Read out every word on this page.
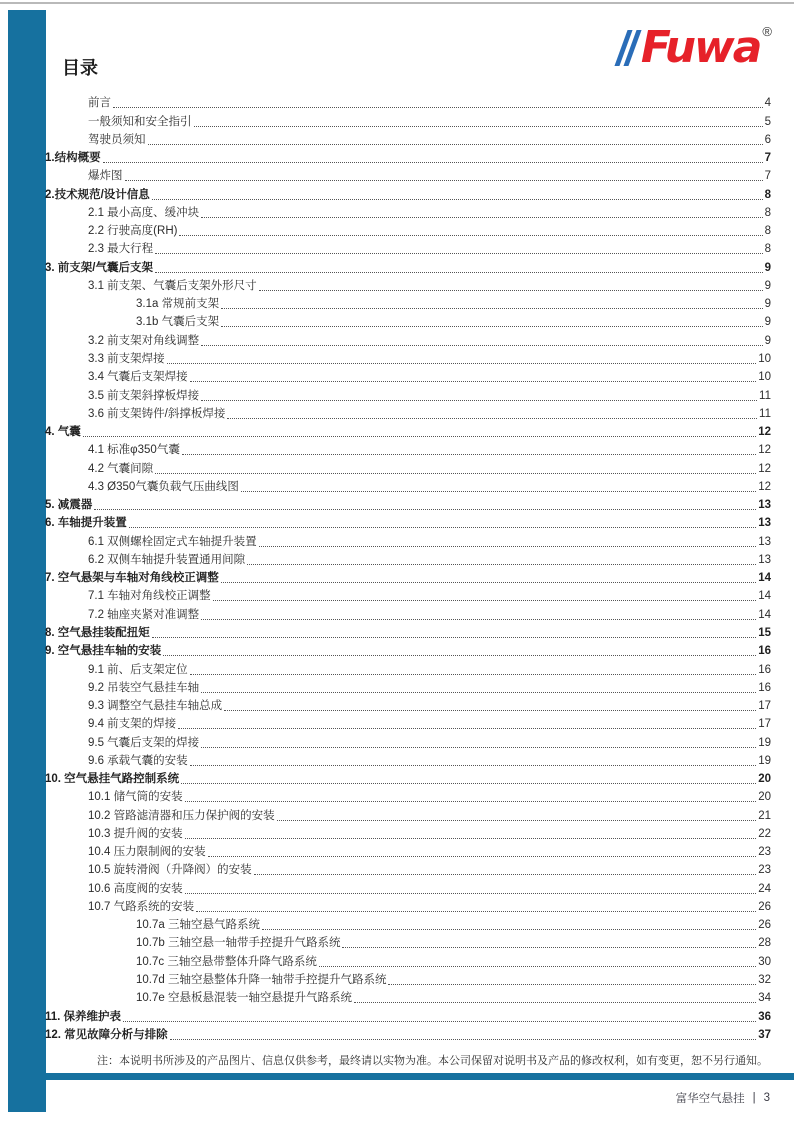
Fuwa ®
目录
前言	4
一般须知和安全指引	5
驾驶员须知	6
1.结构概要	7
爆炸图	7
2.技术规范/设计信息	8
2.1 最小高度、缓冲块	8
2.2 行驶高度(RH)	8
2.3 最大行程	8
3. 前支架/气囊后支架	9
3.1 前支架、气囊后支架外形尺寸	9
3.1a 常规前支架	9
3.1b 气囊后支架	9
3.2 前支架对角线调整	9
3.3 前支架焊接	10
3.4 气囊后支架焊接	10
3.5 前支架斜撑板焊接	11
3.6 前支架铸件/斜撑板焊接	11
4. 气囊	12
4.1 标准φ350气囊	12
4.2 气囊间隙	12
4.3 Ø350气囊负载气压曲线图	12
5. 减震器	13
6. 车轴提升装置	13
6.1 双侧螺栓固定式车轴提升装置	13
6.2 双侧车轴提升装置通用间隙	13
7. 空气悬架与车轴对角线校正调整	14
7.1 车轴对角线校正调整	14
7.2 轴座夹紧对准调整	14
8. 空气悬挂装配扭矩	15
9. 空气悬挂车轴的安装	16
9.1 前、后支架定位	16
9.2 吊装空气悬挂车轴	16
9.3 调整空气悬挂车轴总成	17
9.4 前支架的焊接	17
9.5 气囊后支架的焊接	19
9.6 承载气囊的安装	19
10. 空气悬挂气路控制系统	20
10.1 储气筒的安装	20
10.2 管路滤清器和压力保护阀的安装	21
10.3 提升阀的安装	22
10.4 压力限制阀的安装	23
10.5 旋转滑阀（升降阀）的安装	23
10.6 高度阀的安装	24
10.7 气路系统的安装	26
10.7a 三轴空悬气路系统	26
10.7b 三轴空悬一轴带手控提升气路系统	28
10.7c 三轴空悬带整体升降气路系统	30
10.7d 三轴空悬整体升降一轴带手控提升气路系统	32
10.7e 空悬板悬混装一轴空悬提升气路系统	34
11. 保养维护表	36
12. 常见故障分析与排除	37
注：本说明书所涉及的产品图片、信息仅供参考，最终请以实物为准。本公司保留对说明书及产品的修改权利，如有变更，恕不另行通知。
富华空气悬挂 | 3
